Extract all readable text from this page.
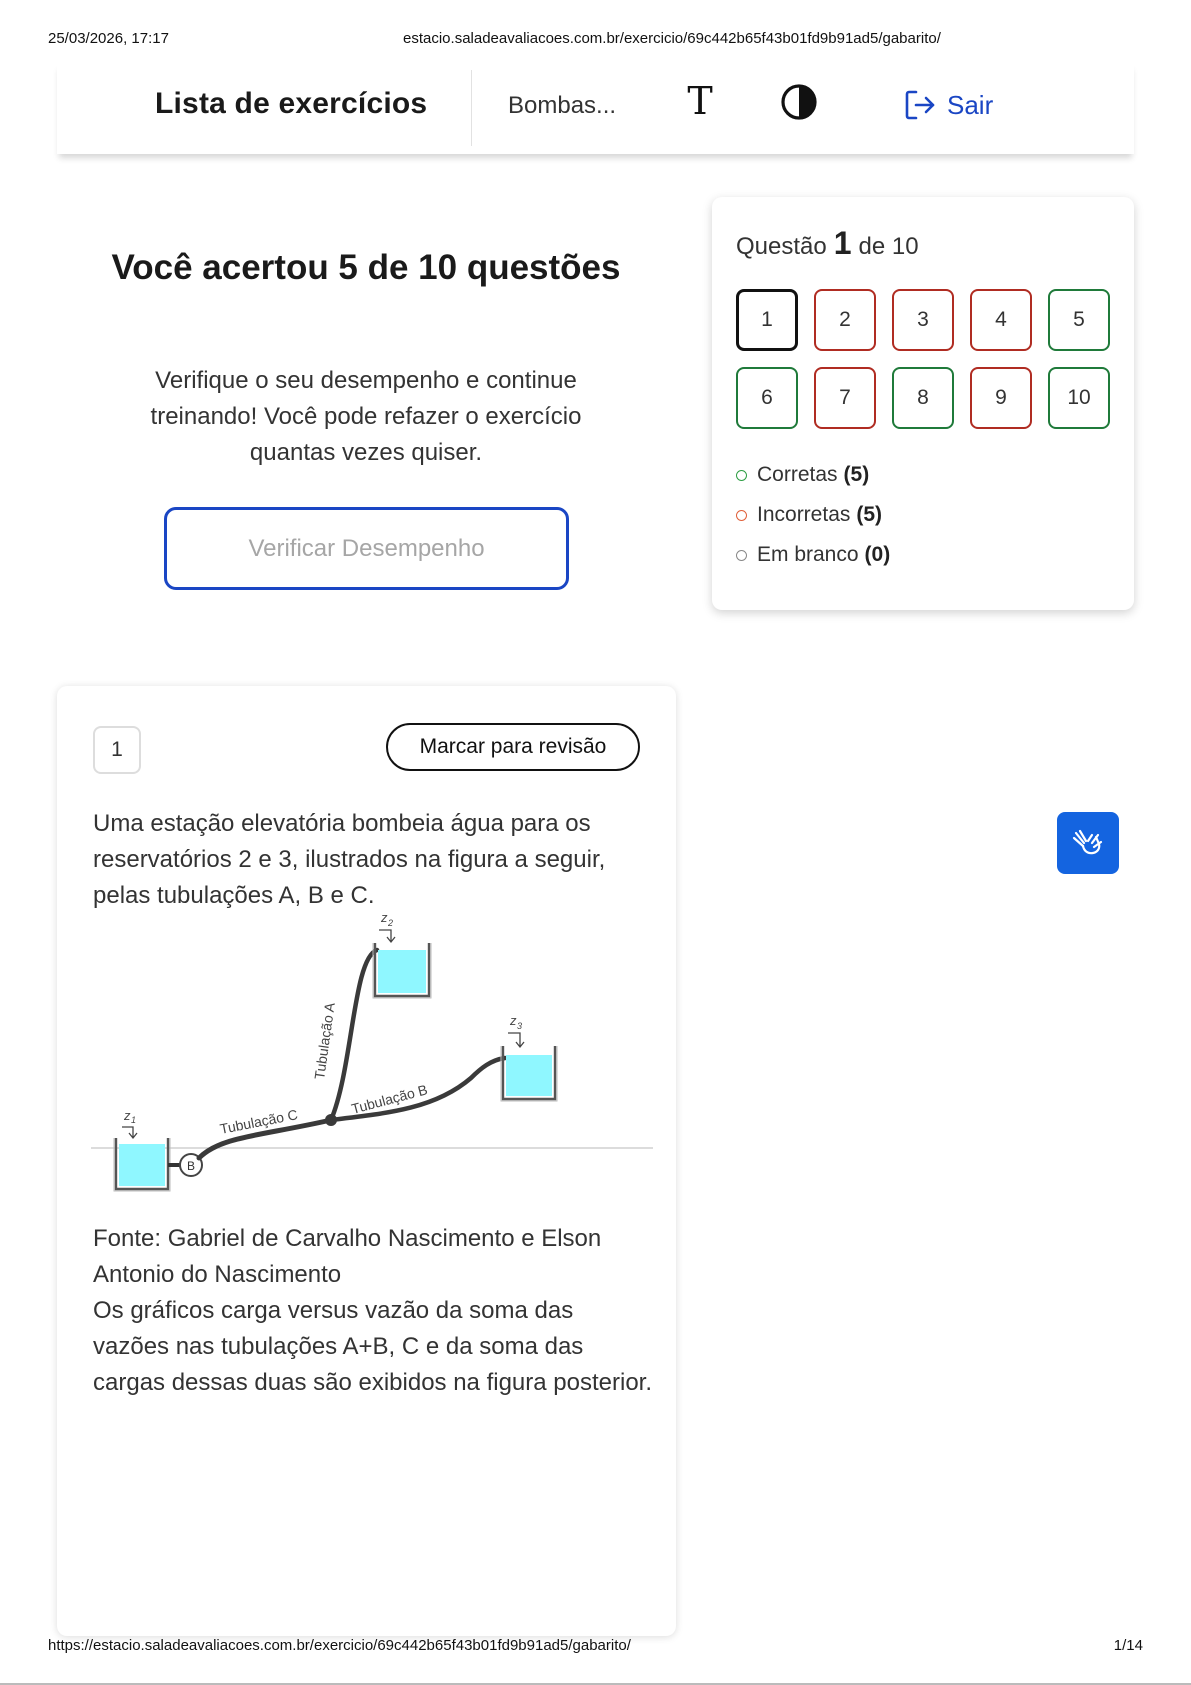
25/03/2026, 17:17	estacio.saladeavaliacoes.com.br/exercicio/69c442b65f43b01fd9b91ad5/gabarito/
Lista de exercícios	Bombas... T	Sair
Você acertou 5 de 10 questões
Verifique o seu desempenho e continue treinando! Você pode refazer o exercício quantas vezes quiser.
Verificar Desempenho
Questão 1 de 10
1	2	3	4	5
6	7	8	9	10
Corretas (5)
Incorretas (5)
Em branco (0)
1	Marcar para revisão
Uma estação elevatória bombeia água para os reservatórios 2 e 3, ilustrados na figura a seguir, pelas tubulações A, B e C.
z 1
B
z 2
z 3
Tubulação A
Tubulação B
Tubulação C
Fonte: Gabriel de Carvalho Nascimento e Elson Antonio do Nascimento
Os gráficos carga versus vazão da soma das vazões nas tubulações A+B, C e da soma das cargas dessas duas são exibidos na figura posterior.
https://estacio.saladeavaliacoes.com.br/exercicio/69c442b65f43b01fd9b91ad5/gabarito/	1/14
